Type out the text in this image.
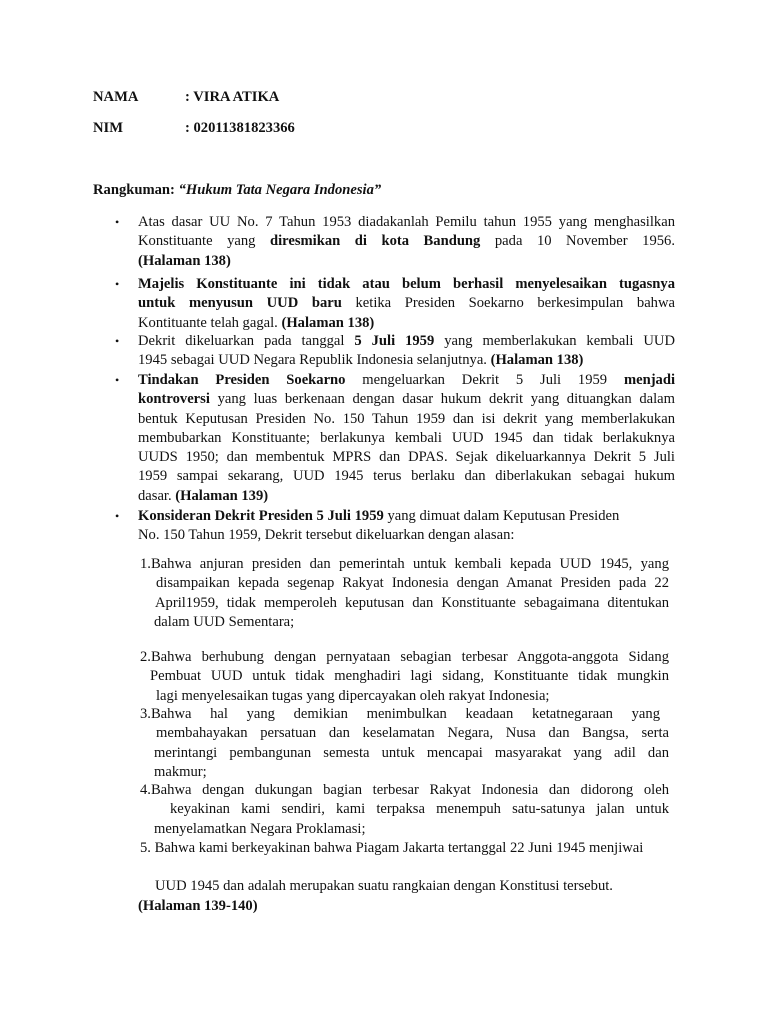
NAMA	: VIRA ATIKA
NIM	: 02011381823366
Rangkuman: “Hukum Tata Negara Indonesia”
•	Atas dasar UU No. 7 Tahun 1953 diadakanlah Pemilu tahun 1955 yang menghasilkan
Konstituante yang diresmikan di kota Bandung pada 10 November 1956.
(Halaman 138)
•	Majelis Konstituante ini tidak atau belum berhasil menyelesaikan tugasnya
untuk menyusun UUD baru ketika Presiden Soekarno berkesimpulan bahwa
Kontituante telah gagal. (Halaman 138)
•	Dekrit dikeluarkan pada tanggal 5 Juli 1959 yang memberlakukan kembali UUD
1945 sebagai UUD Negara Republik Indonesia selanjutnya. (Halaman 138)
•	Tindakan Presiden Soekarno mengeluarkan Dekrit 5 Juli 1959 menjadi
kontroversi yang luas berkenaan dengan dasar hukum dekrit yang dituangkan dalam
bentuk Keputusan Presiden No. 150 Tahun 1959 dan isi dekrit yang memberlakukan
membubarkan Konstituante; berlakunya kembali UUD 1945 dan tidak berlakuknya
UUDS 1950; dan membentuk MPRS dan DPAS. Sejak dikeluarkannya Dekrit 5 Juli
1959 sampai sekarang, UUD 1945 terus berlaku dan diberlakukan sebagai hukum
dasar. (Halaman 139)
•	Konsideran Dekrit Presiden 5 Juli 1959 yang dimuat dalam Keputusan Presiden
No. 150 Tahun 1959, Dekrit tersebut dikeluarkan dengan alasan:
1.Bahwa anjuran presiden dan pemerintah untuk kembali kepada UUD 1945, yang
disampaikan kepada segenap Rakyat Indonesia dengan Amanat Presiden pada 22
April1959, tidak memperoleh keputusan dan Konstituante sebagaimana ditentukan
dalam UUD Sementara;
2.Bahwa berhubung dengan pernyataan sebagian terbesar Anggota-anggota Sidang
Pembuat UUD untuk tidak menghadiri lagi sidang, Konstituante tidak mungkin
lagi menyelesaikan tugas yang dipercayakan oleh rakyat Indonesia;
3.Bahwa hal yang demikian menimbulkan keadaan ketatnegaraan yang
membahayakan persatuan dan keselamatan Negara, Nusa dan Bangsa, serta
merintangi pembangunan semesta untuk mencapai masyarakat yang adil dan
makmur;
4.Bahwa dengan dukungan bagian terbesar Rakyat Indonesia dan didorong oleh
keyakinan kami sendiri, kami terpaksa menempuh satu-satunya jalan untuk
menyelamatkan Negara Proklamasi;
5. Bahwa kami berkeyakinan bahwa Piagam Jakarta tertanggal 22 Juni 1945 menjiwai
UUD 1945 dan adalah merupakan suatu rangkaian dengan Konstitusi tersebut.
(Halaman 139-140)
